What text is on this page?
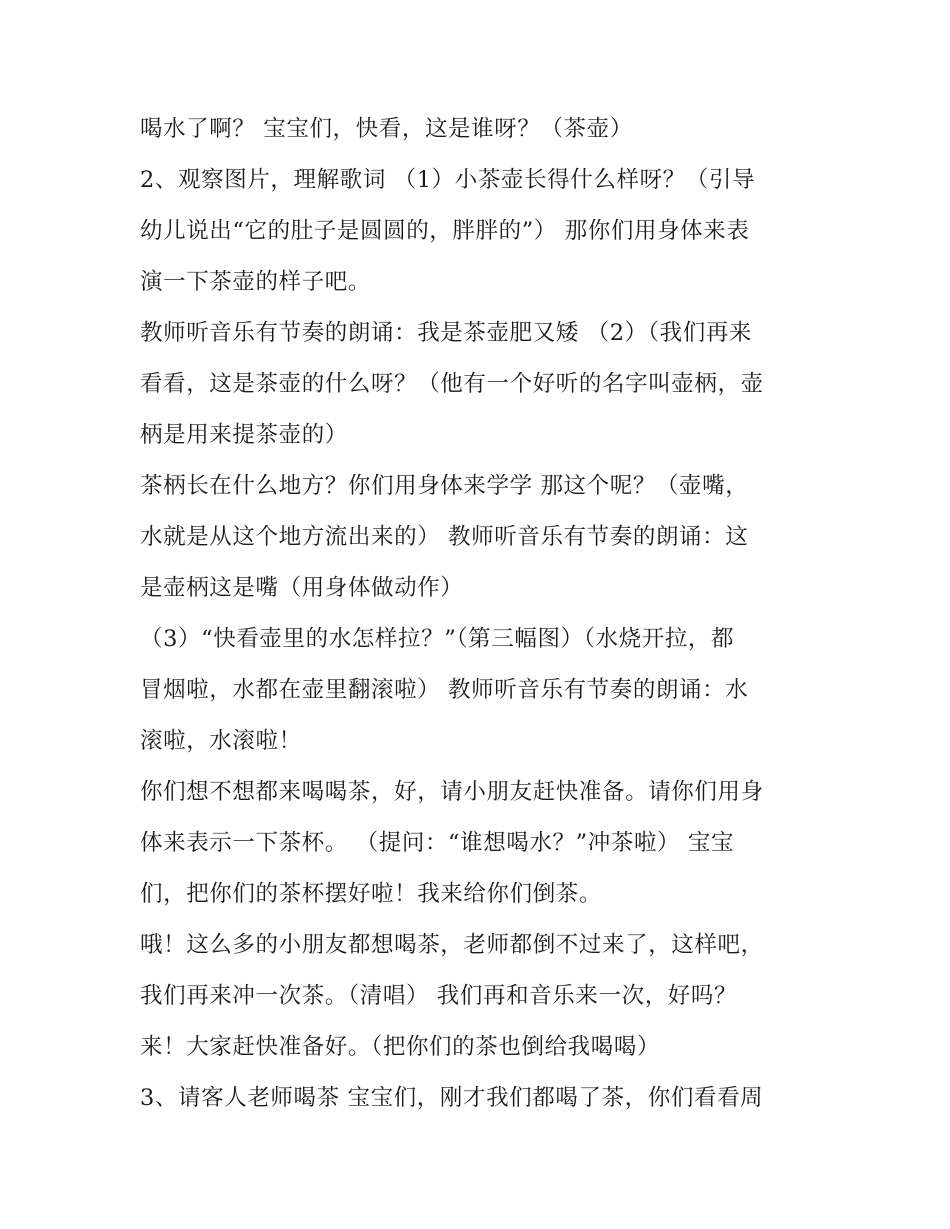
喝水了啊？ 宝宝们，快看，这是谁呀？（茶壶）
2、观察图片，理解歌词 （1）小茶壶长得什么样呀？（引导
幼儿说出“它的肚子是圆圆的，胖胖的”） 那你们用身体来表
演一下茶壶的样子吧。
教师听音乐有节奏的朗诵：我是茶壶肥又矮 （2）（我们再来
看看，这是茶壶的什么呀？（他有一个好听的名字叫壶柄，壶
柄是用来提茶壶的）
茶柄长在什么地方？你们用身体来学学 那这个呢？（壶嘴，
水就是从这个地方流出来的） 教师听音乐有节奏的朗诵：这
是壶柄这是嘴（用身体做动作）
（3）“快看壶里的水怎样拉？”（第三幅图）（水烧开拉，都
冒烟啦，水都在壶里翻滚啦） 教师听音乐有节奏的朗诵：水
滚啦，水滚啦！
你们想不想都来喝喝茶，好，请小朋友赶快准备。请你们用身
体来表示一下茶杯。 （提问：“谁想喝水？”冲茶啦） 宝宝
们，把你们的茶杯摆好啦！我来给你们倒茶。
哦！这么多的小朋友都想喝茶，老师都倒不过来了，这样吧，
我们再来冲一次茶。（清唱） 我们再和音乐来一次，好吗？
来！大家赶快准备好。（把你们的茶也倒给我喝喝）
3、请客人老师喝茶 宝宝们，刚才我们都喝了茶，你们看看周
